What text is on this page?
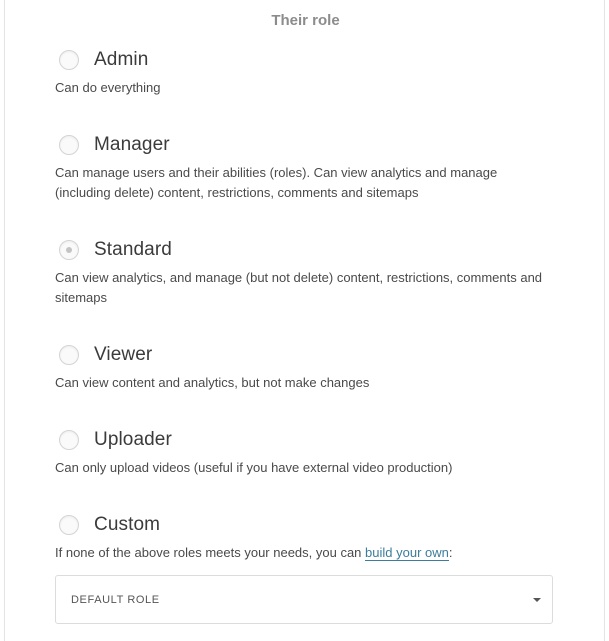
Their role
Admin
Can do everything
Manager
Can manage users and their abilities (roles). Can view analytics and manage (including delete) content, restrictions, comments and sitemaps
Standard
Can view analytics, and manage (but not delete) content, restrictions, comments and sitemaps
Viewer
Can view content and analytics, but not make changes
Uploader
Can only upload videos (useful if you have external video production)
Custom
If none of the above roles meets your needs, you can build your own:
DEFAULT ROLE
